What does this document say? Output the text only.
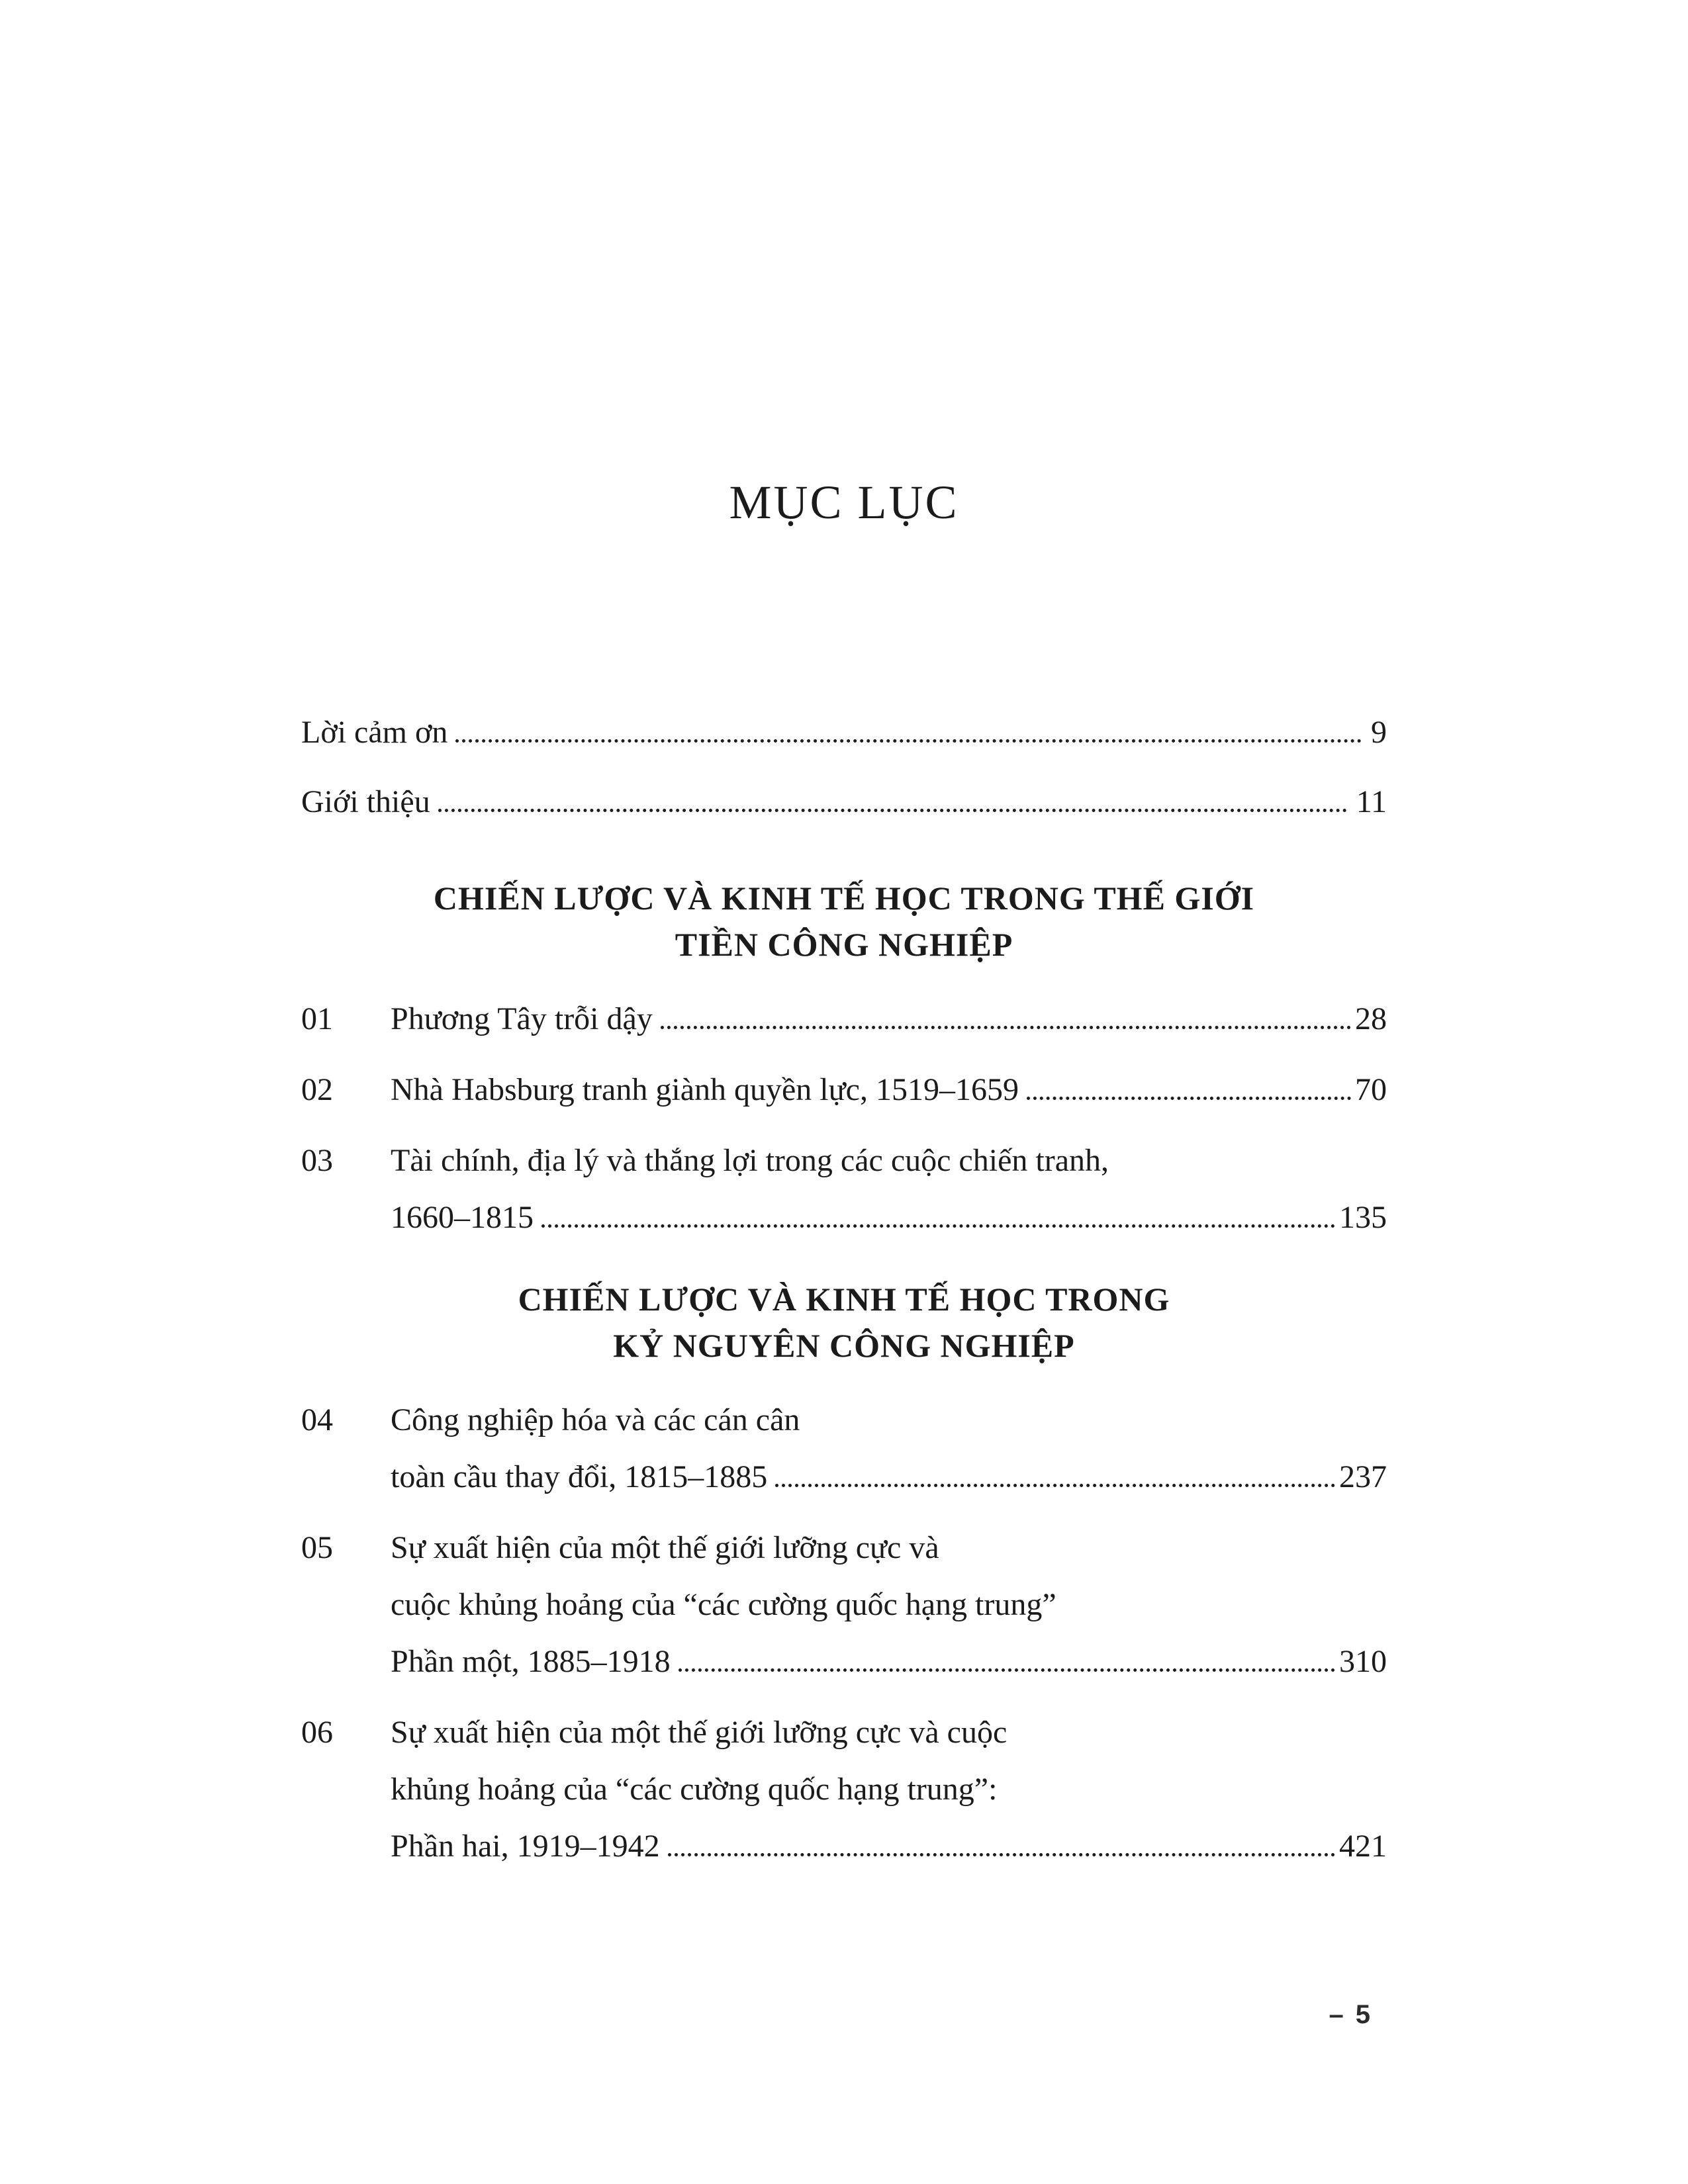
MỤC LỤC
Lời cảm ơn	9
Giới thiệu	11
CHIẾN LƯỢC VÀ KINH TẾ HỌC TRONG THẾ GIỚI
TIỀN CÔNG NGHIỆP
01	Phương Tây trỗi dậy	28
02	Nhà Habsburg tranh giành quyền lực, 1519–1659	70
03	Tài chính, địa lý và thắng lợi trong các cuộc chiến tranh,
1660–1815	135
CHIẾN LƯỢC VÀ KINH TẾ HỌC TRONG
KỶ NGUYÊN CÔNG NGHIỆP
04	Công nghiệp hóa và các cán cân
toàn cầu thay đổi, 1815–1885	237
05	Sự xuất hiện của một thế giới lưỡng cực và
cuộc khủng hoảng của “các cường quốc hạng trung”
Phần một, 1885–1918	310
06	Sự xuất hiện của một thế giới lưỡng cực và cuộc
khủng hoảng của “các cường quốc hạng trung”:
Phần hai, 1919–1942	421
– 5
